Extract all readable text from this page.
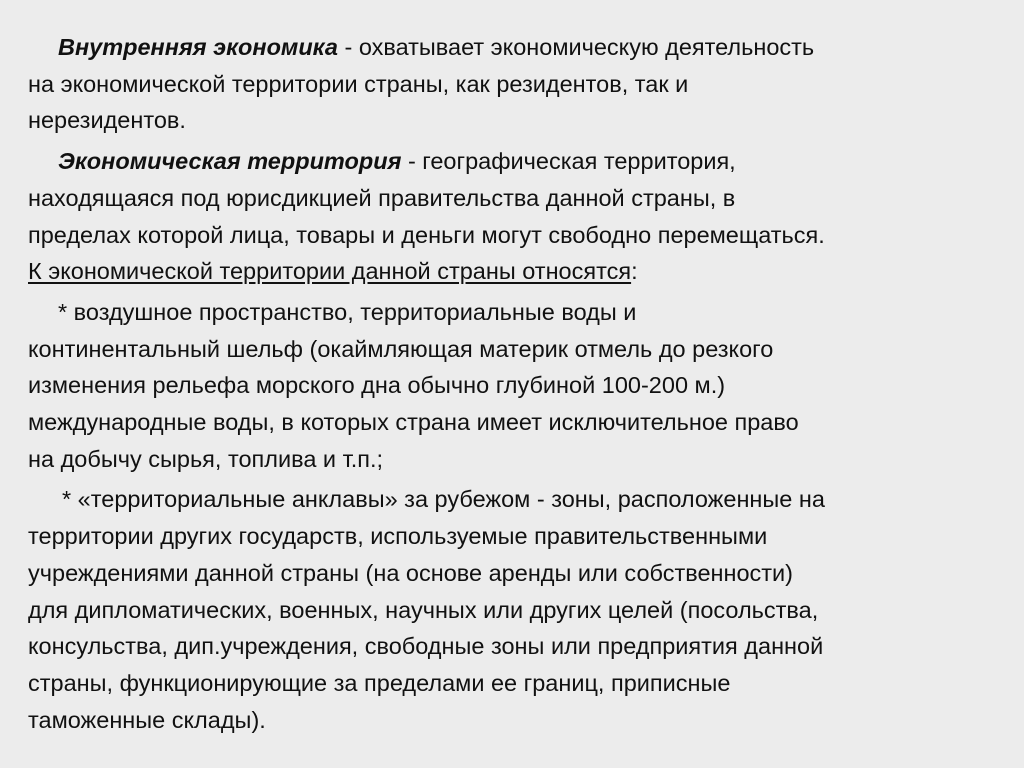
Внутренняя экономика - охватывает экономическую деятельность
на экономической территории страны, как резидентов, так и
нерезидентов.

Экономическая территория - географическая территория,
находящаяся под юрисдикцией правительства данной страны, в
пределах которой лица, товары и деньги могут свободно перемещаться.
К экономической территории данной страны относятся:

* воздушное пространство, территориальные воды и
континентальный шельф (окаймляющая материк отмель до резкого
изменения рельефа морского дна обычно глубиной 100-200 м.)
международные воды, в которых страна имеет исключительное право
на добычу сырья, топлива и т.п.;

* «территориальные анклавы» за рубежом - зоны, расположенные на
территории других государств, используемые правительственными
учреждениями данной страны (на основе аренды или собственности)
для дипломатических, военных, научных или других целей (посольства,
консульства, дип.учреждения, свободные зоны или предприятия данной
страны, функционирующие за пределами ее границ, приписные
таможенные склады).
